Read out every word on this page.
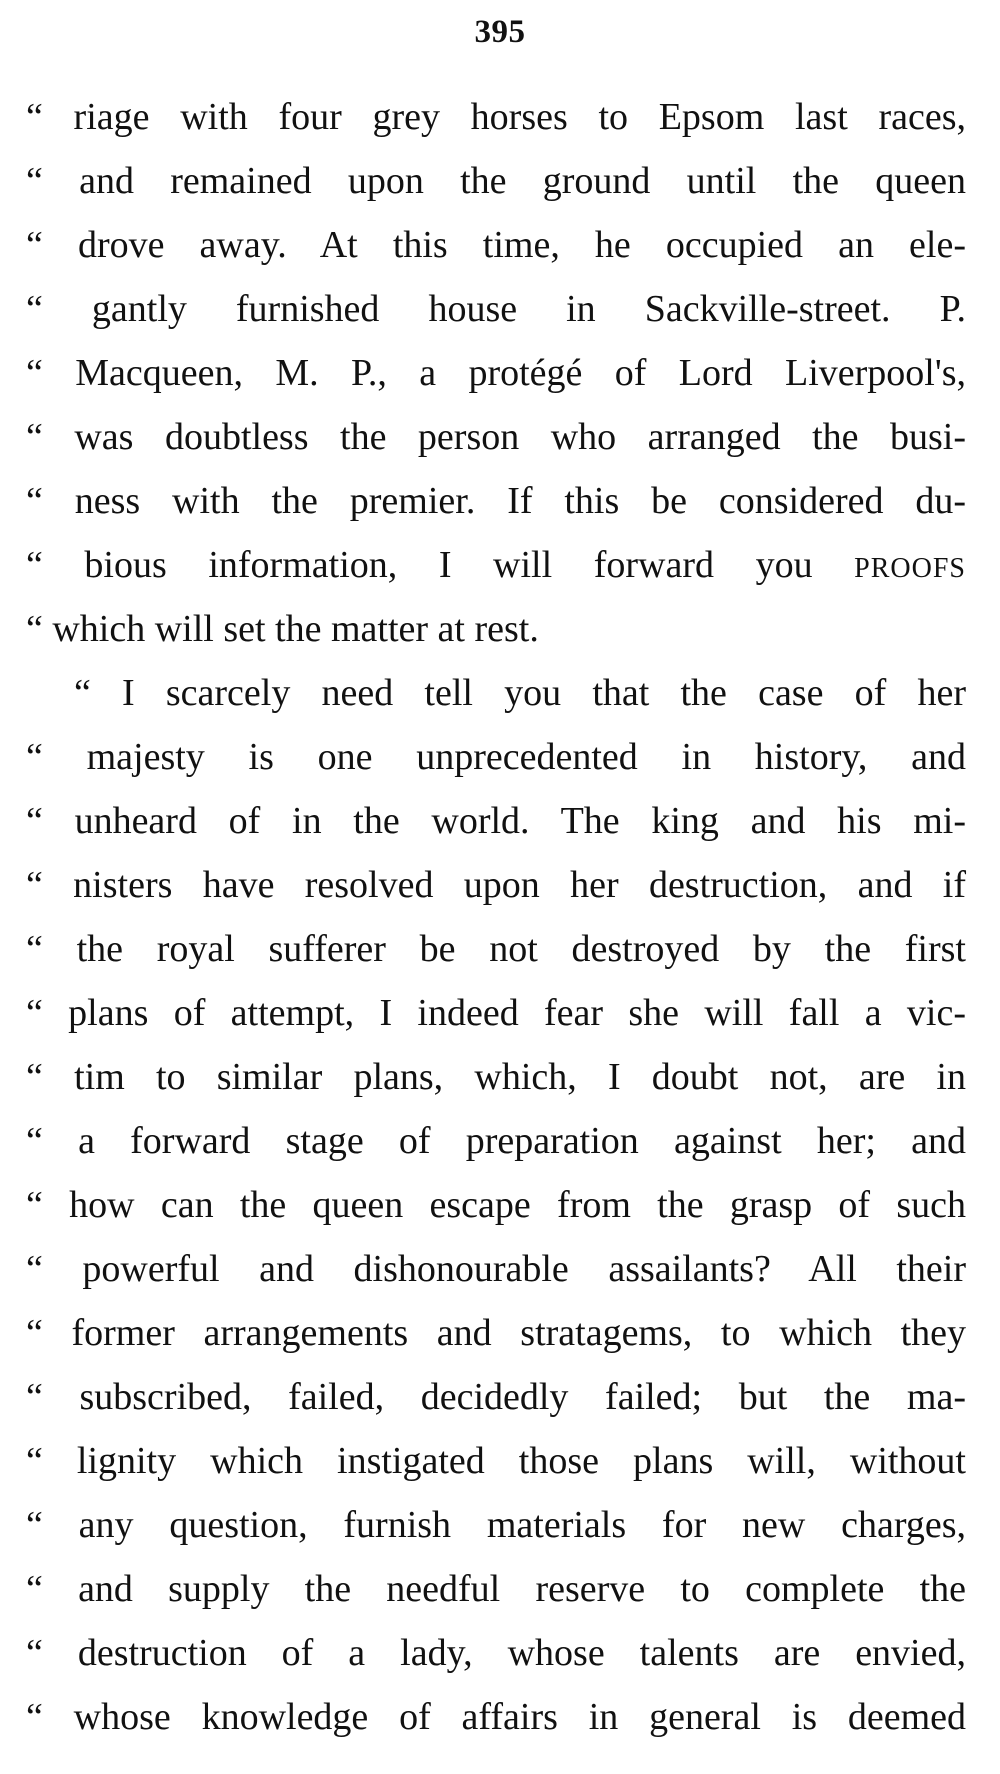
395
“ riage with four grey horses to Epsom last races,
“ and remained upon the ground until the queen
“ drove away. At this time, he occupied an ele-
“ gantly furnished house in Sackville-street. P.
“ Macqueen, M. P., a protégé of Lord Liverpool's,
“ was doubtless the person who arranged the busi-
“ ness with the premier. If this be considered du-
“ bious information, I will forward you PROOFS
“ which will set the matter at rest.
“ I scarcely need tell you that the case of her
“ majesty is one unprecedented in history, and
“ unheard of in the world. The king and his mi-
“ nisters have resolved upon her destruction, and if
“ the royal sufferer be not destroyed by the first
“ plans of attempt, I indeed fear she will fall a vic-
“ tim to similar plans, which, I doubt not, are in
“ a forward stage of preparation against her; and
“ how can the queen escape from the grasp of such
“ powerful and dishonourable assailants? All their
“ former arrangements and stratagems, to which they
“ subscribed, failed, decidedly failed; but the ma-
“ lignity which instigated those plans will, without
“ any question, furnish materials for new charges,
“ and supply the needful reserve to complete the
“ destruction of a lady, whose talents are envied,
“ whose knowledge of affairs in general is deemed
